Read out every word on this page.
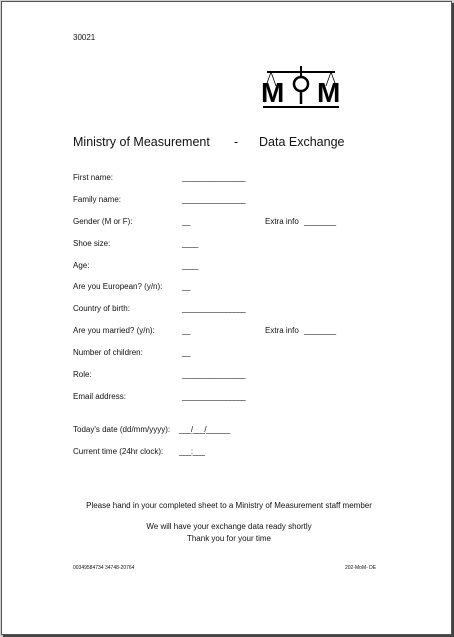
30021
M M
Ministry of Measurement - Data Exchange
First name:	________________
Family name:	________________
Gender (M or F):	__	Extra info ________
Shoe size:	____
Age:	____
Are you European? (y/n): __
Country of birth:	________________
Are you married? (y/n):	__	Extra info ________
Number of children:	__
Role:	________________
Email address:	________________
Today's date (dd/mm/yyyy): ___/___/______
Current time (24hr clock): ___:___
Please hand in your completed sheet to a Ministry of Measurement staff member
We will have your exchange data ready shortly
Thank you for your time
00349584734 34748-20764	202-MoM- DE
